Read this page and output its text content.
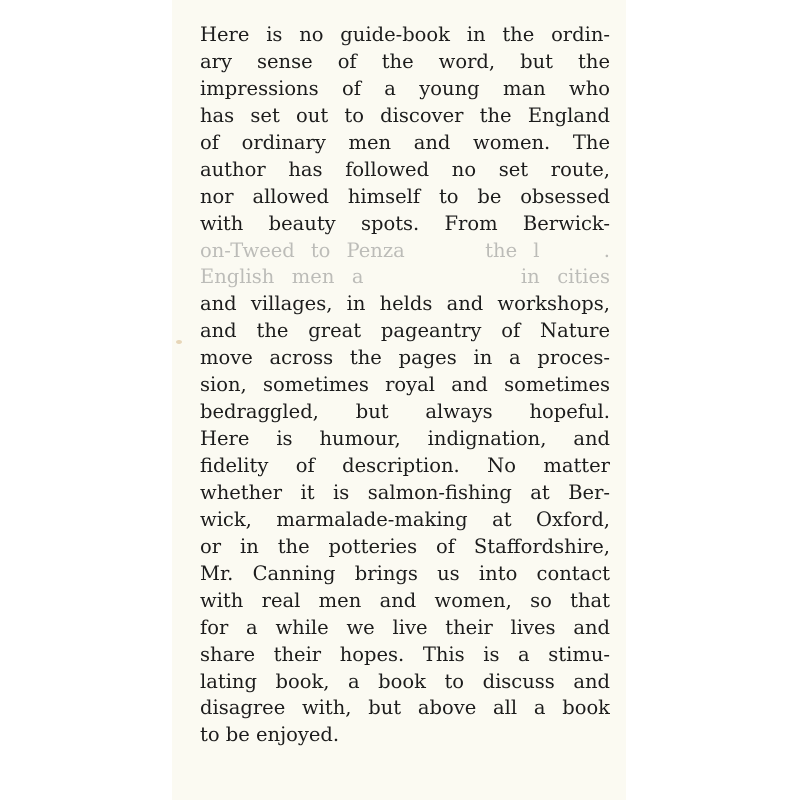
Here is no guide-book in the ordin-
ary sense of the word, but the
impressions of a young man who
has set out to discover the England
of ordinary men and women. The
author has followed no set route,
nor allowed himself to be obsessed
with beauty spots. From Berwick-
on-Tweed to Penza     the l    .
English men a         in cities
and villages, in helds and workshops,
and the great pageantry of Nature
move across the pages in a proces-
sion, sometimes royal and sometimes
bedraggled, but always hopeful.
Here is humour, indignation, and
fidelity of description. No matter
whether it is salmon-fishing at Ber-
wick, marmalade-making at Oxford,
or in the potteries of Staffordshire,
Mr. Canning brings us into contact
with real men and women, so that
for a while we live their lives and
share their hopes. This is a stimu-
lating book, a book to discuss and
disagree with, but above all a book
to be enjoyed.
